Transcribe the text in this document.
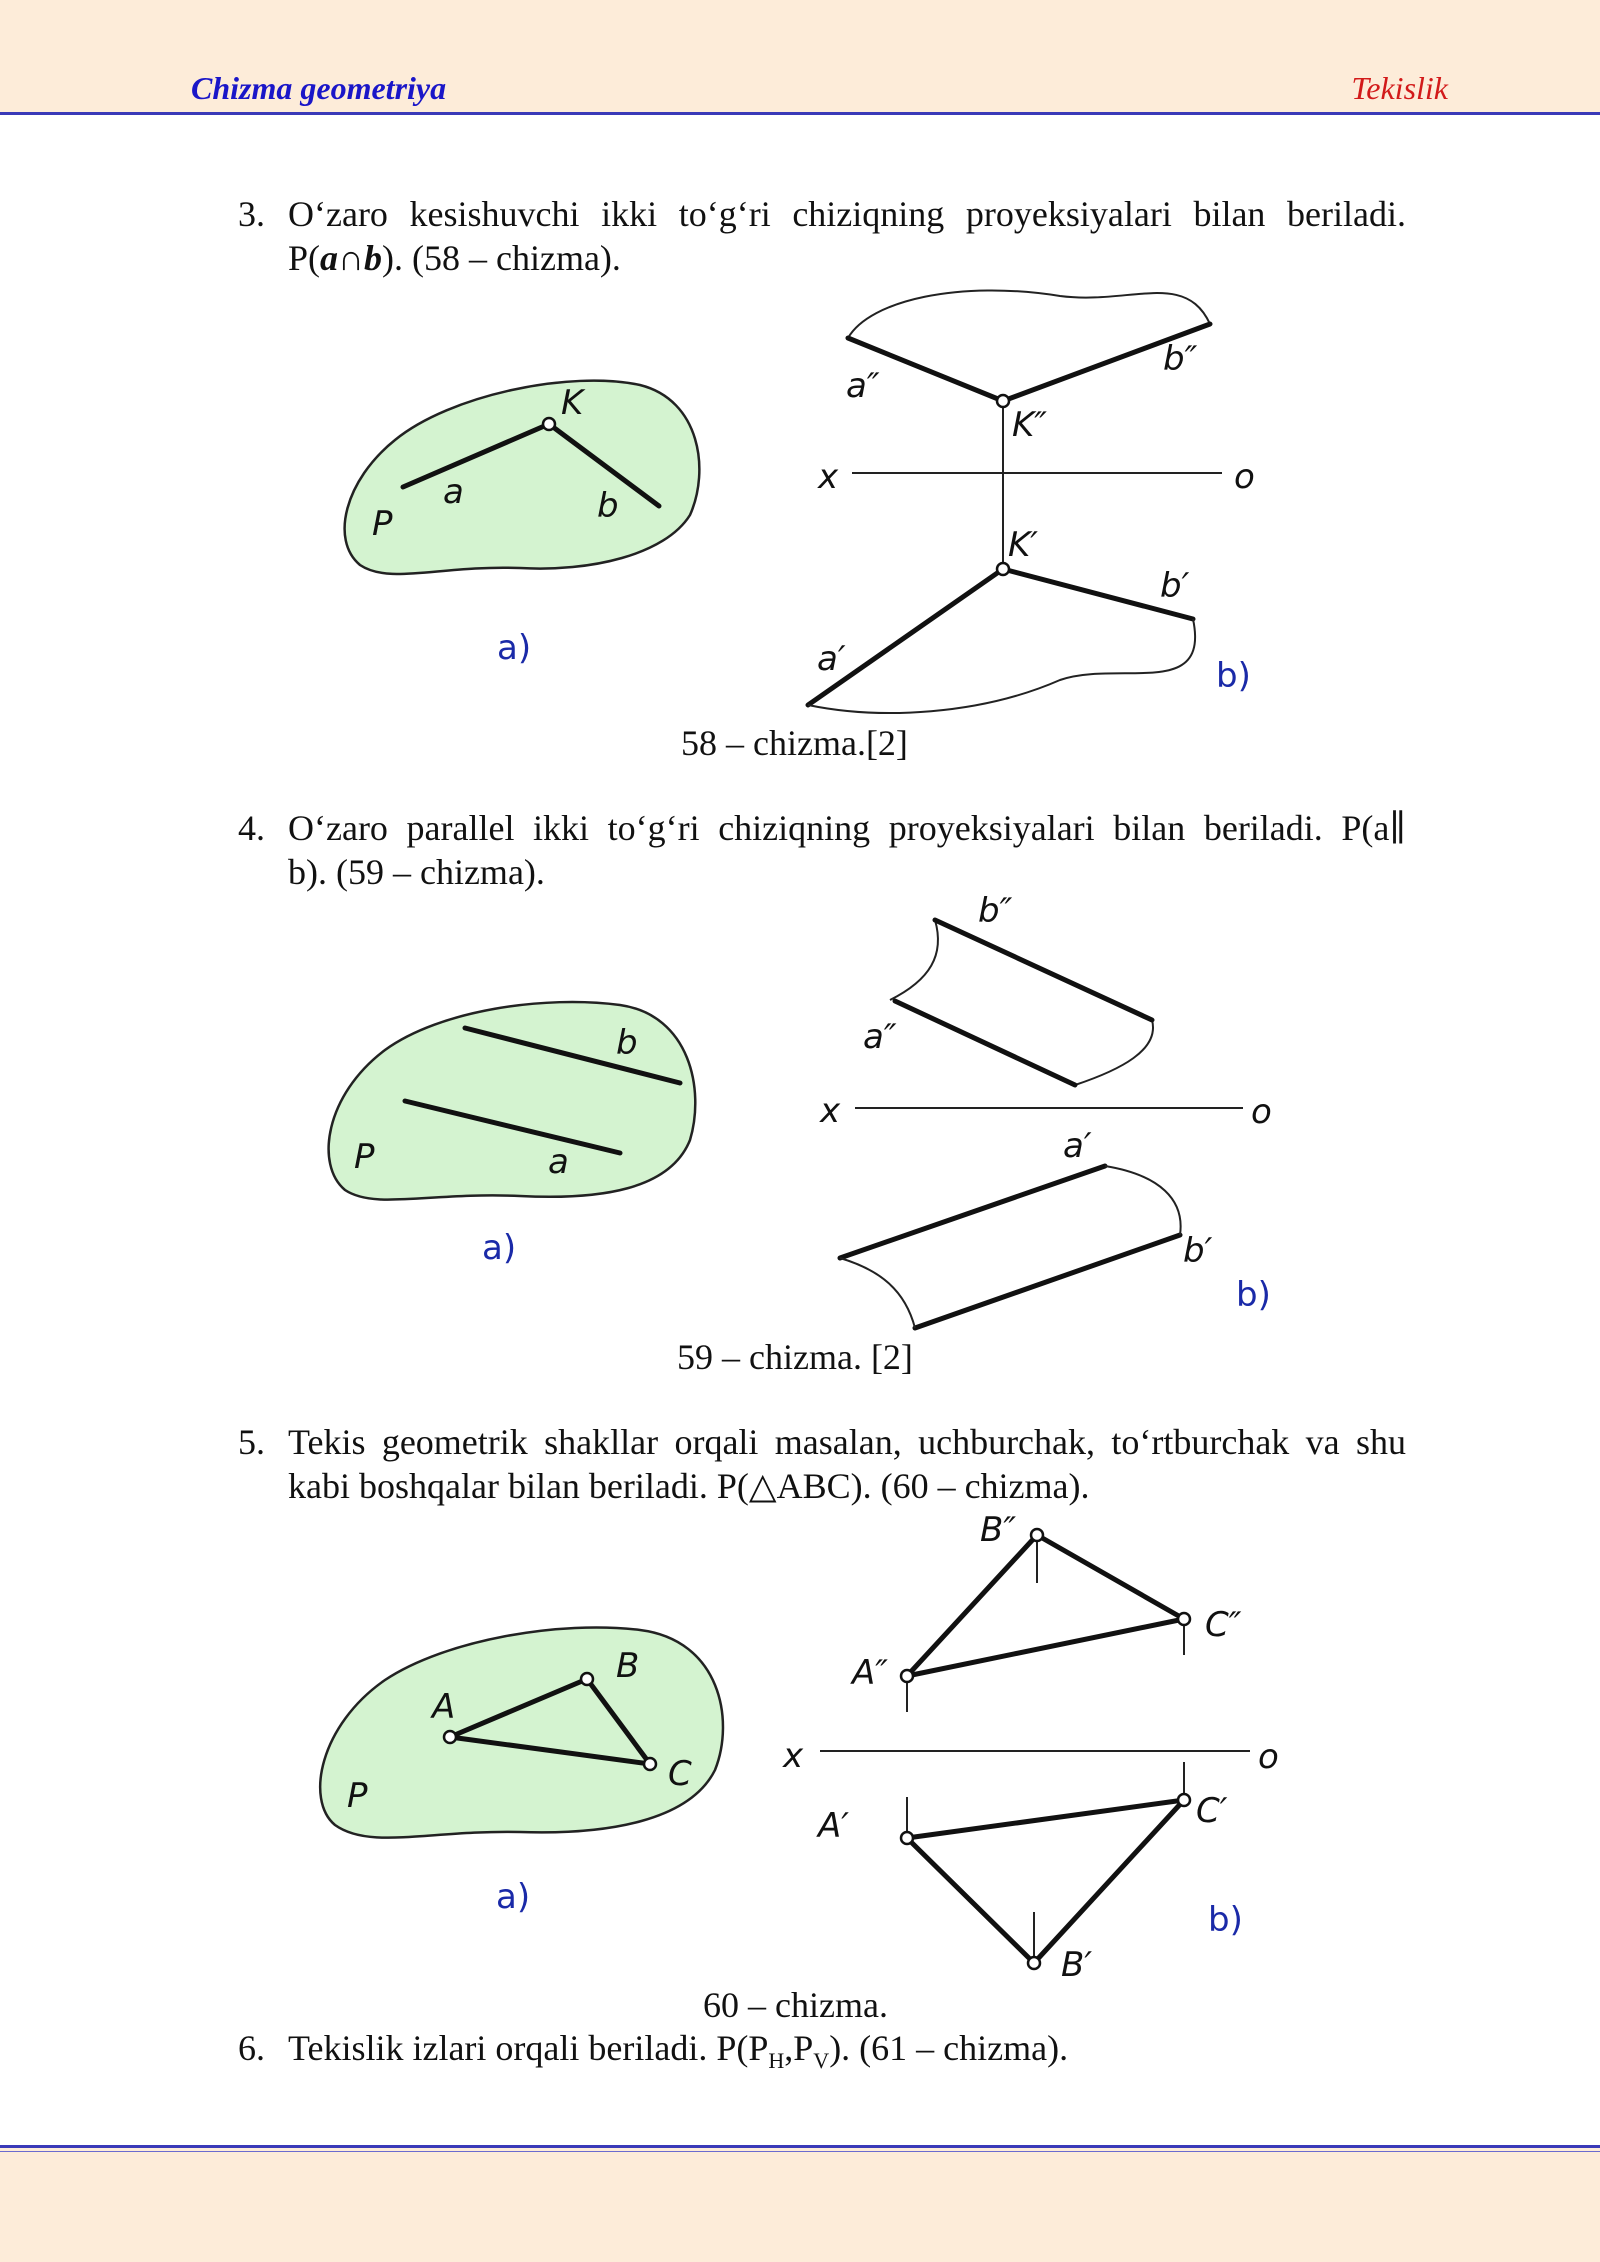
Chizma geometriya	Tekislik
3. O‘zaro kesishuvchi ikki to‘g‘ri chiziqning proyeksiyalari bilan beriladi.
P(a∩b). (58 – chizma).
4. O‘zaro parallel ikki to‘g‘ri chiziqning proyeksiyalari bilan beriladi. P(a∥
b). (59 – chizma).
5. Tekis geometrik shakllar orqali masalan, uchburchak, to‘rtburchak va shu
kabi boshqalar bilan beriladi. P(△ABC). (60 – chizma).
6. Tekislik izlari orqali beriladi. $P(P_H,P_V)$. (61 – chizma).
58 – chizma.[2]
59 – chizma. [2]
60 – chizma.
K
a	b
P
a)
a″
b″
K″
x	o
K′
b′
a′	b)
b
a
P
a)
b″
a″
x	o
a′
b′
b)
A
B
C
P
a)
B″
C″
A″
x	o
C′
A′
B′
b)
